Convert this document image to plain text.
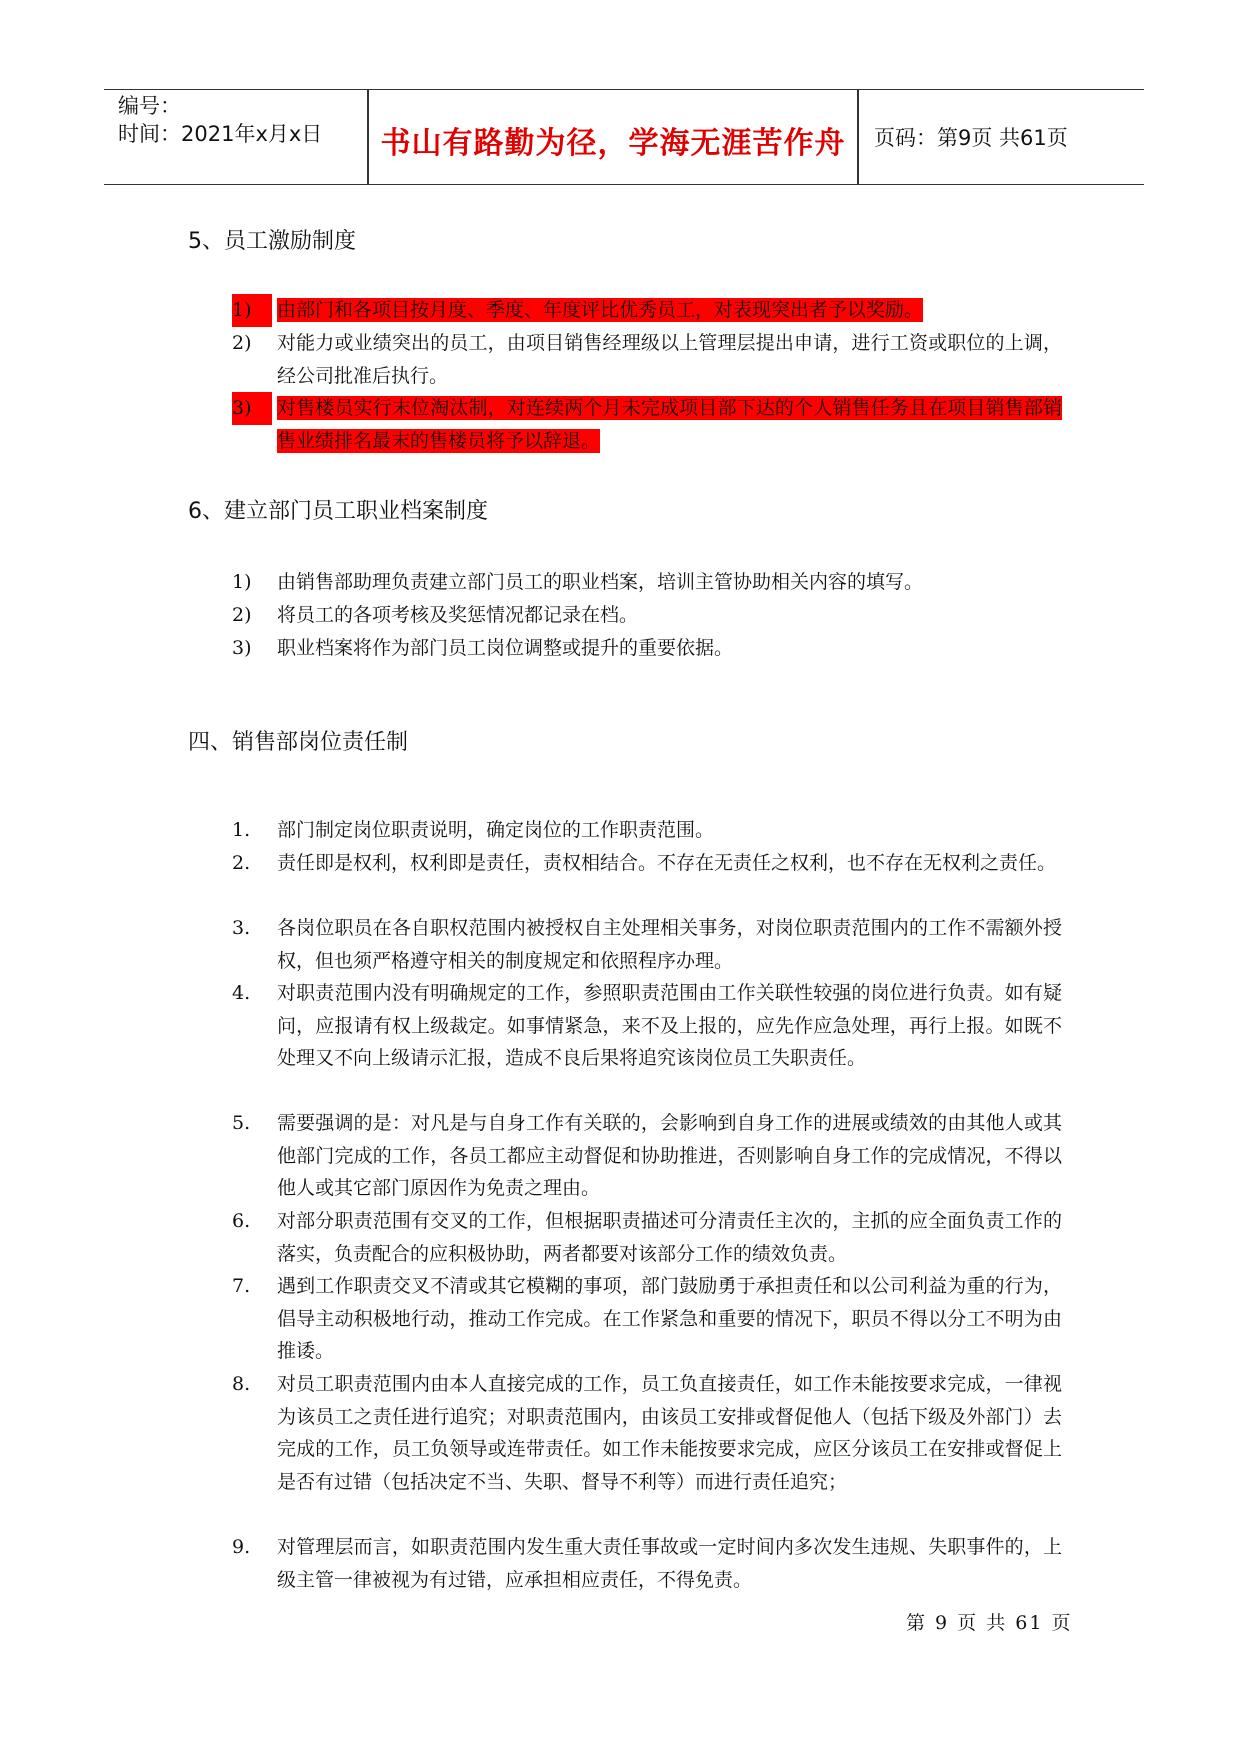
编号：
时间：2021年x月x日	书山有路勤为径，学海无涯苦作舟	页码：第9页 共61页
5、员工激励制度
1)	由部门和各项目按月度、季度、年度评比优秀员工，对表现突出者予以奖励。
2)	对能力或业绩突出的员工，由项目销售经理级以上管理层提出申请，进行工资或职位的上调，经公司批准后执行。
3)	对售楼员实行末位淘汰制，对连续两个月未完成项目部下达的个人销售任务且在项目销售部销售业绩排名最末的售楼员将予以辞退。
6、建立部门员工职业档案制度
1)	由销售部助理负责建立部门员工的职业档案，培训主管协助相关内容的填写。
2)	将员工的各项考核及奖惩情况都记录在档。
3)	职业档案将作为部门员工岗位调整或提升的重要依据。
四、销售部岗位责任制
1.	部门制定岗位职责说明，确定岗位的工作职责范围。
2.	责任即是权利，权利即是责任，责权相结合。不存在无责任之权利，也不存在无权利之责任。
3.	各岗位职员在各自职权范围内被授权自主处理相关事务，对岗位职责范围内的工作不需额外授权，但也须严格遵守相关的制度规定和依照程序办理。
4.	对职责范围内没有明确规定的工作，参照职责范围由工作关联性较强的岗位进行负责。如有疑问，应报请有权上级裁定。如事情紧急，来不及上报的，应先作应急处理，再行上报。如既不处理又不向上级请示汇报，造成不良后果将追究该岗位员工失职责任。
5.	需要强调的是：对凡是与自身工作有关联的，会影响到自身工作的进展或绩效的由其他人或其他部门完成的工作，各员工都应主动督促和协助推进，否则影响自身工作的完成情况，不得以他人或其它部门原因作为免责之理由。
6.	对部分职责范围有交叉的工作，但根据职责描述可分清责任主次的，主抓的应全面负责工作的落实，负责配合的应积极协助，两者都要对该部分工作的绩效负责。
7.	遇到工作职责交叉不清或其它模糊的事项，部门鼓励勇于承担责任和以公司利益为重的行为，倡导主动积极地行动，推动工作完成。在工作紧急和重要的情况下，职员不得以分工不明为由推诿。
8.	对员工职责范围内由本人直接完成的工作，员工负直接责任，如工作未能按要求完成，一律视为该员工之责任进行追究；对职责范围内，由该员工安排或督促他人（包括下级及外部门）去完成的工作，员工负领导或连带责任。如工作未能按要求完成，应区分该员工在安排或督促上是否有过错（包括决定不当、失职、督导不利等）而进行责任追究；
9.	对管理层而言，如职责范围内发生重大责任事故或一定时间内多次发生违规、失职事件的，上级主管一律被视为有过错，应承担相应责任，不得免责。
第 9 页 共 61 页
